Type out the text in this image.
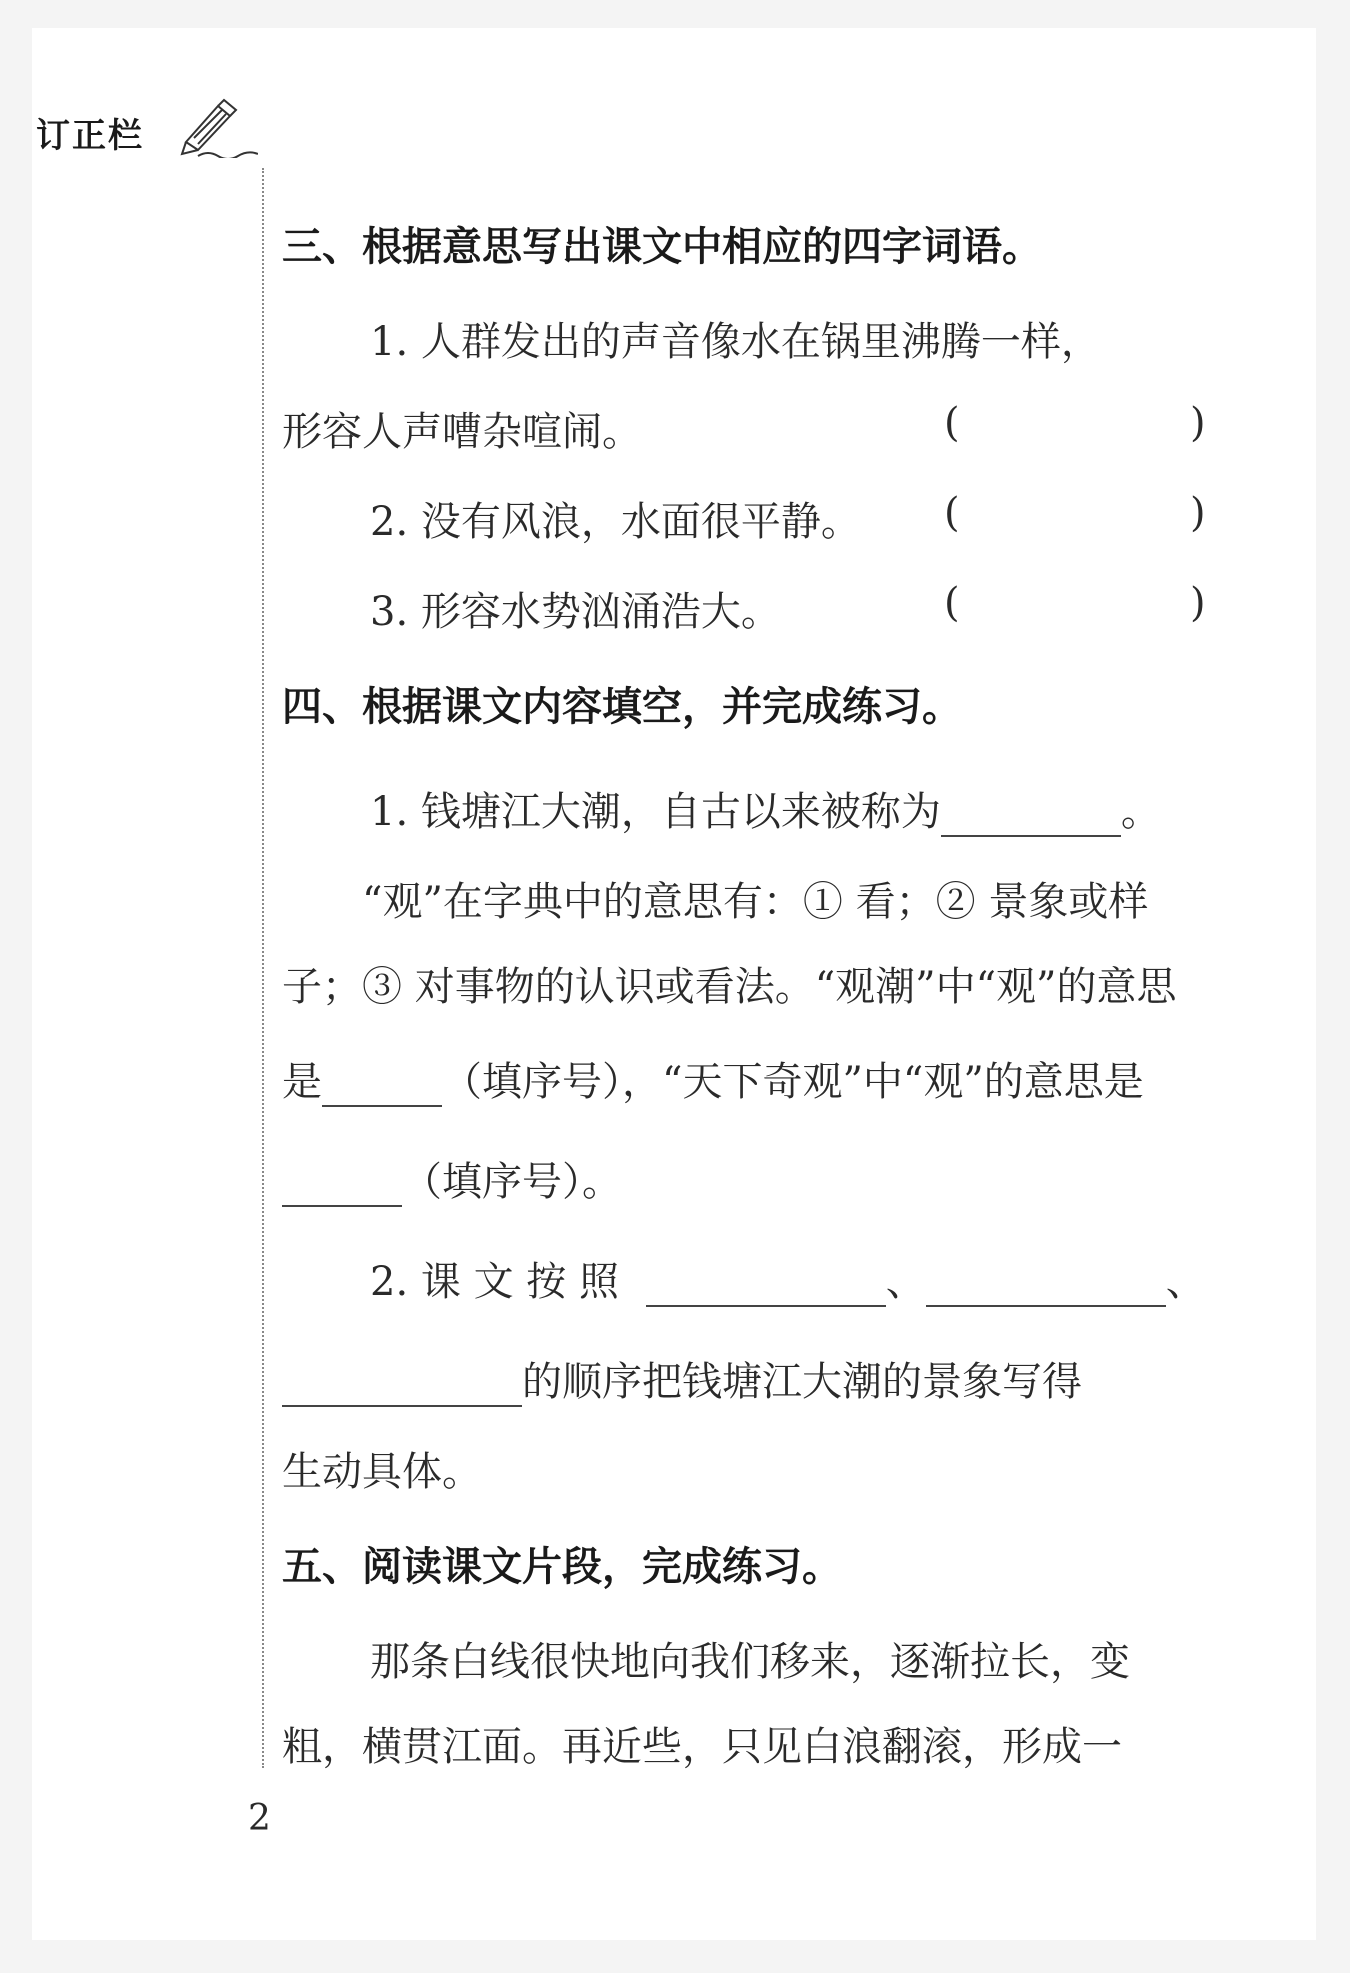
订正栏
三、根据意思写出课文中相应的四字词语。
1. 人群发出的声音像水在锅里沸腾一样，
形容人声嘈杂喧闹。	(	)
2. 没有风浪，水面很平静。 (	)
3. 形容水势汹涌浩大。	(	)
四、根据课文内容填空，并完成练习。
1. 钱塘江大潮，自古以来被称为	。
“观”在字典中的意思有：① 看；② 景象或样
子；③ 对事物的认识或看法。“观潮”中“观”的意思
是	（填序号），“天下奇观”中“观”的意思是
（填序号）。
2. 课 文 按 照	、	、
的顺序把钱塘江大潮的景象写得
生动具体。
五、阅读课文片段，完成练习。
那条白线很快地向我们移来，逐渐拉长，变
粗，横贯江面。再近些，只见白浪翻滚，形成一
2
